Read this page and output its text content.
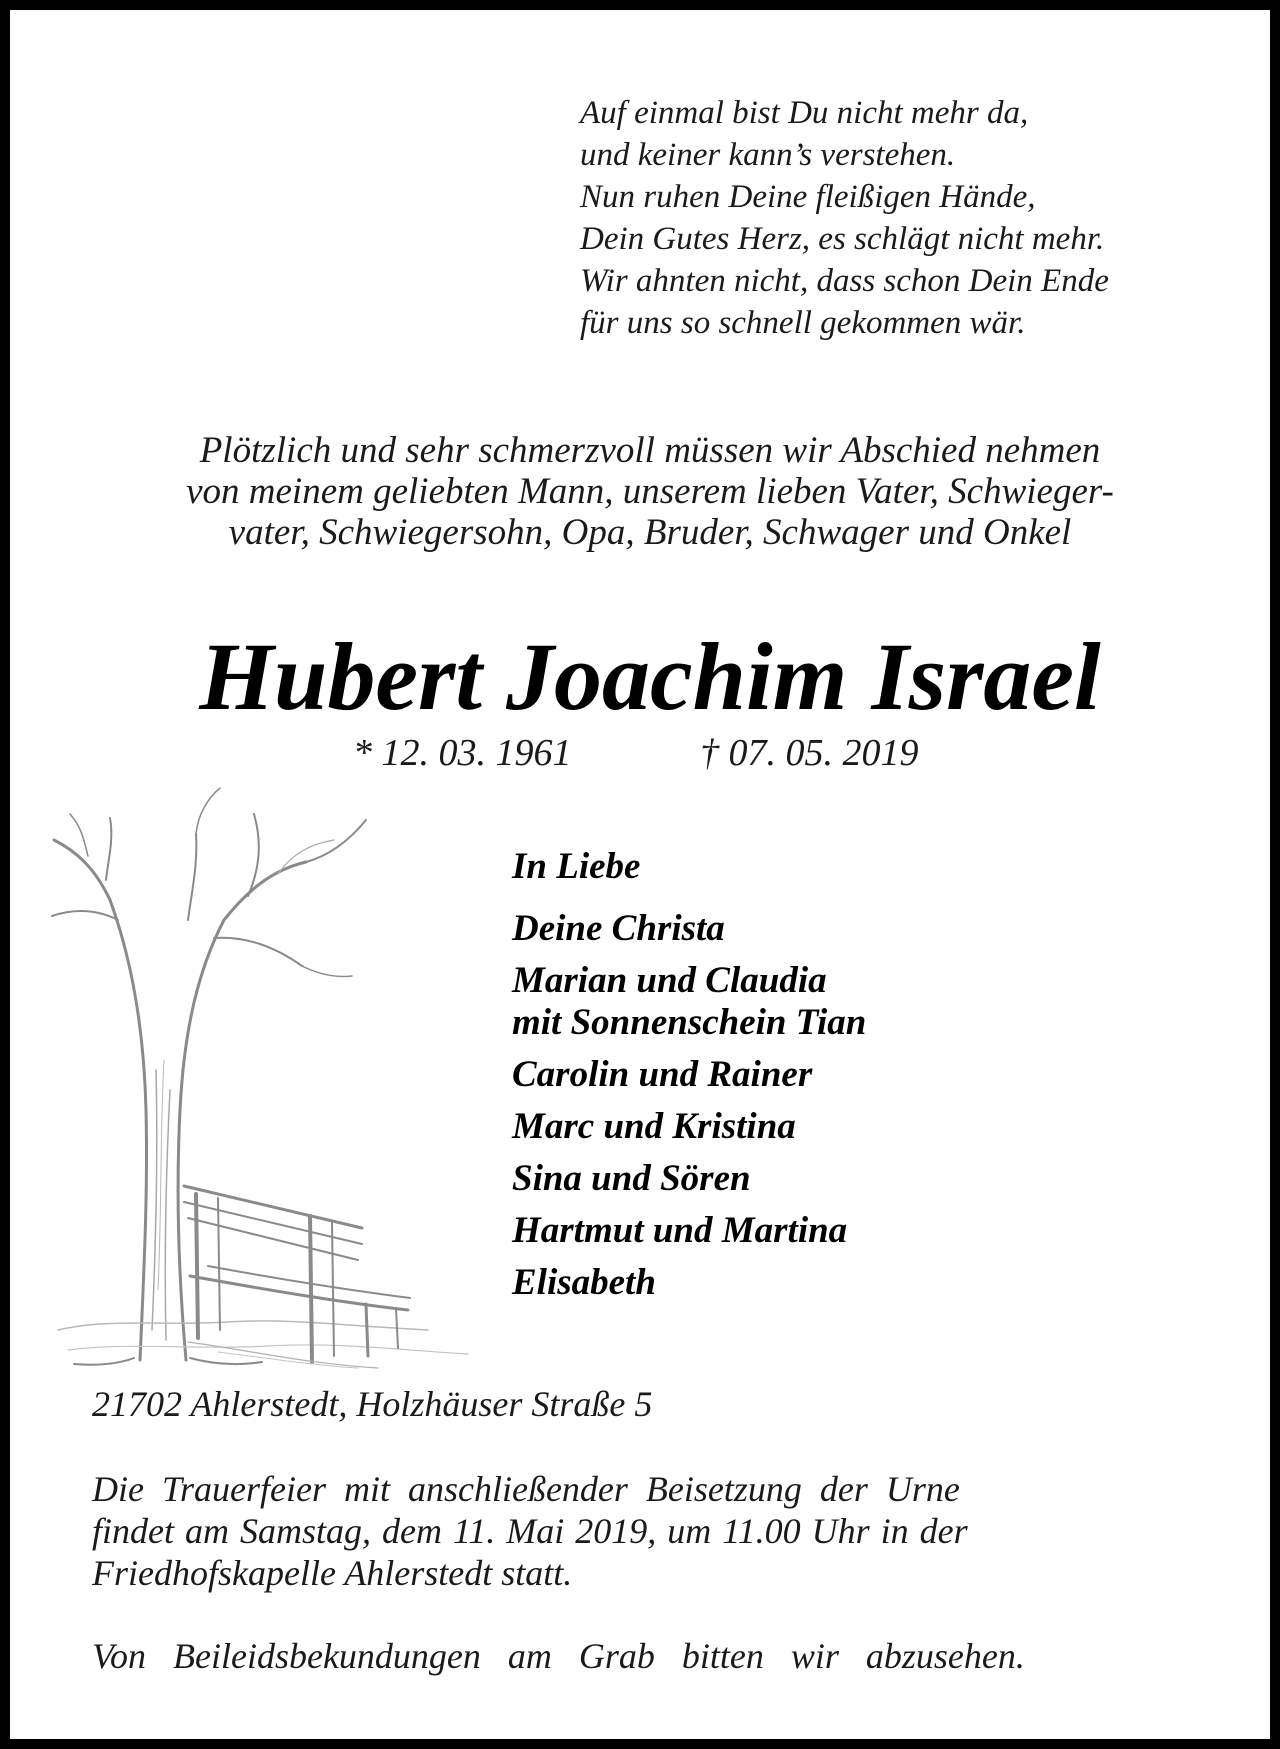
Auf einmal bist Du nicht mehr da,
und keiner kann’s verstehen.
Nun ruhen Deine fleißigen Hände,
Dein Gutes Herz, es schlägt nicht mehr.
Wir ahnten nicht, dass schon Dein Ende
für uns so schnell gekommen wär.
Plötzlich und sehr schmerzvoll müssen wir Abschied nehmen
von meinem geliebten Mann, unserem lieben Vater, Schwieger-
vater, Schwiegersohn, Opa, Bruder, Schwager und Onkel
Hubert Joachim Israel
* 12. 03. 1961	† 07. 05. 2019
In Liebe
Deine Christa
Marian und Claudia
mit Sonnenschein Tian
Carolin und Rainer
Marc und Kristina
Sina und Sören
Hartmut und Martina
Elisabeth
21702 Ahlerstedt, Holzhäuser Straße 5
Die Trauerfeier mit anschließender Beisetzung der Urne
findet am Samstag, dem 11. Mai 2019, um 11.00 Uhr in der
Friedhofskapelle Ahlerstedt statt.
Von Beileidsbekundungen am Grab bitten wir abzusehen.
